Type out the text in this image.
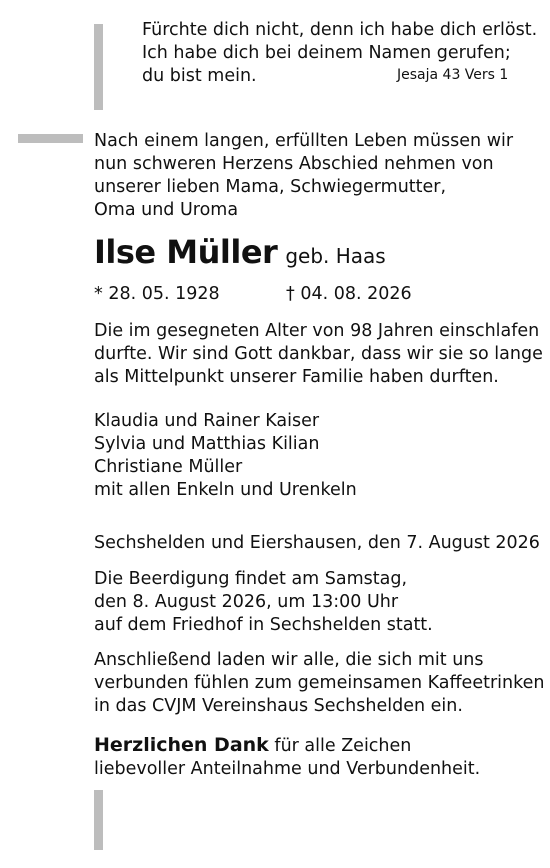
Fürchte dich nicht, denn ich habe dich erlöst.
Ich habe dich bei deinem Namen gerufen;
du bist mein.	Jesaja 43 Vers 1
Nach einem langen, erfüllten Leben müssen wir
nun schweren Herzens Abschied nehmen von
unserer lieben Mama, Schwiegermutter,
Oma und Uroma
Ilse Müller geb. Haas
* 28. 05. 1928	† 04. 08. 2026
Die im gesegneten Alter von 98 Jahren einschlafen
durfte. Wir sind Gott dankbar, dass wir sie so lange
als Mittelpunkt unserer Familie haben durften.
Klaudia und Rainer Kaiser
Sylvia und Matthias Kilian
Christiane Müller
mit allen Enkeln und Urenkeln
Sechshelden und Eiershausen, den 7. August 2026
Die Beerdigung findet am Samstag,
den 8. August 2026, um 13:00 Uhr
auf dem Friedhof in Sechshelden statt.
Anschließend laden wir alle, die sich mit uns
verbunden fühlen zum gemeinsamen Kaffeetrinken
in das CVJM Vereinshaus Sechshelden ein.
Herzlichen Dank für alle Zeichen
liebevoller Anteilnahme und Verbundenheit.
